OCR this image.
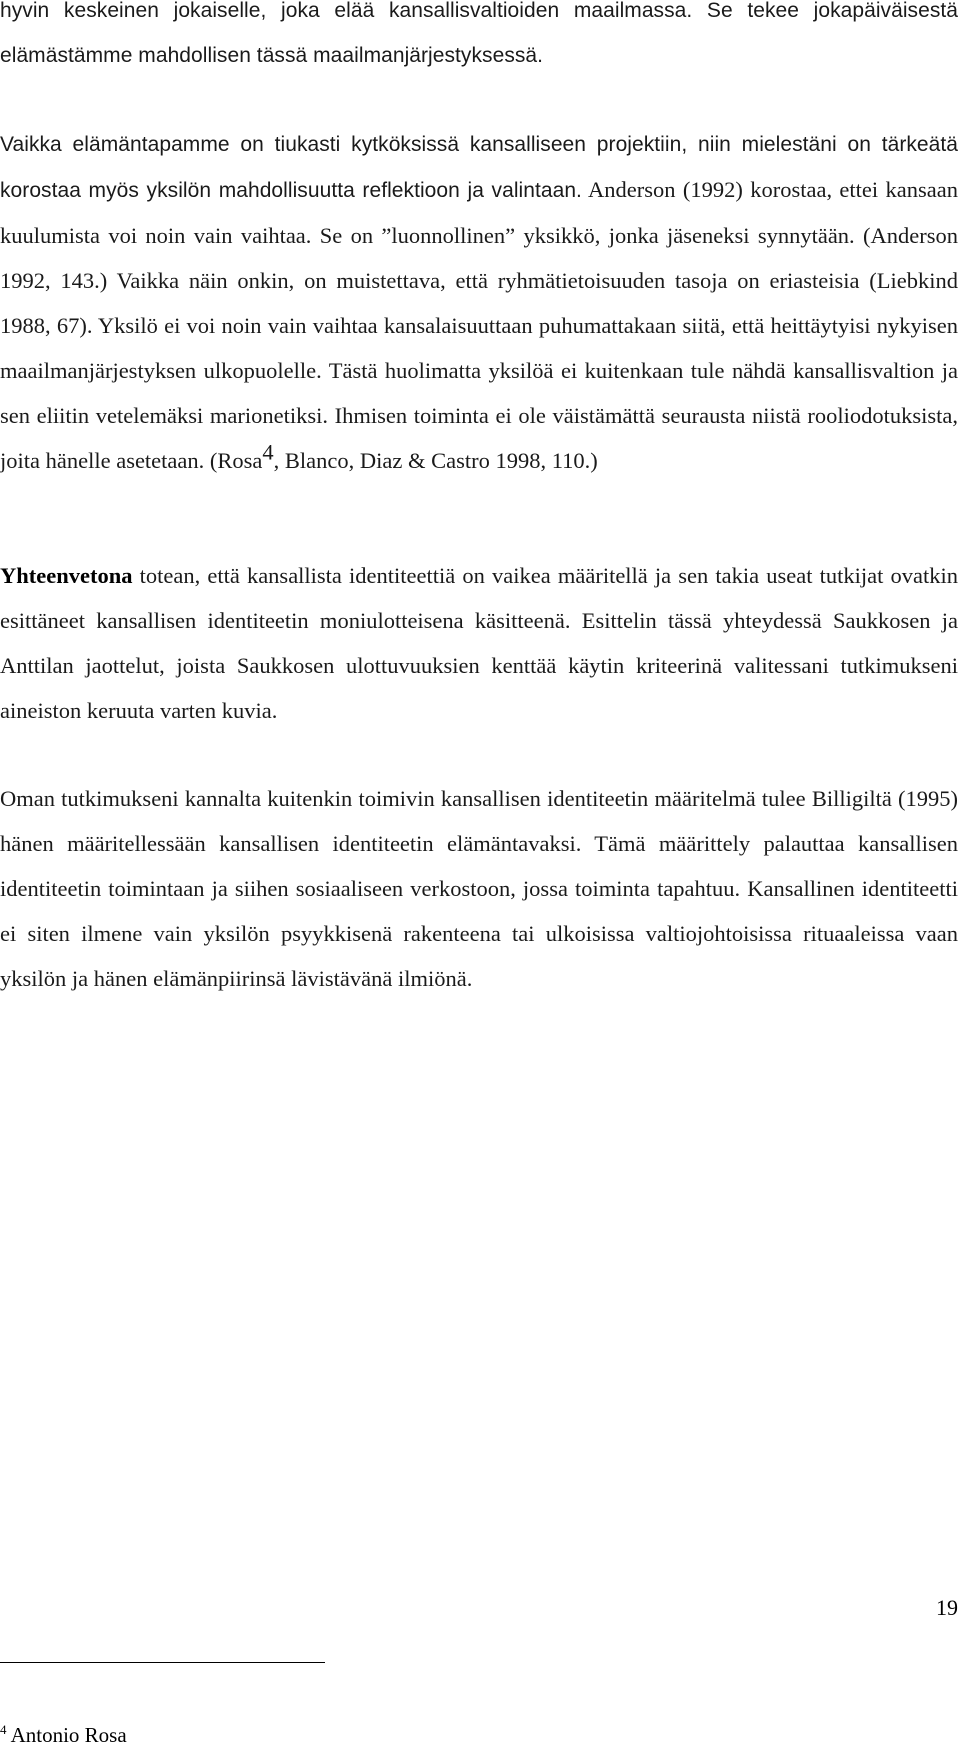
hyvin keskeinen jokaiselle, joka elää kansallisvaltioiden maailmassa. Se tekee jokapäiväisestä elämästämme mahdollisen tässä maailmanjärjestyksessä.

Vaikka elämäntapamme on tiukasti kytköksissä kansalliseen projektiin, niin mielestäni on tärkeätä korostaa myös yksilön mahdollisuutta reflektioon ja valintaan. Anderson (1992) korostaa, ettei kansaan kuulumista voi noin vain vaihtaa. Se on ”luonnollinen” yksikkö, jonka jäseneksi synnytään. (Anderson 1992, 143.) Vaikka näin onkin, on muistettava, että ryhmätietoisuuden tasoja on eriasteisia (Liebkind 1988, 67). Yksilö ei voi noin vain vaihtaa kansalaisuuttaan puhumattakaan siitä, että heittäytyisi nykyisen maailmanjärjestyksen ulkopuolelle. Tästä huolimatta yksilöä ei kuitenkaan tule nähdä kansallisvaltion ja sen eliitin vetelemäksi marionetiksi. Ihmisen toiminta ei ole väistämättä seurausta niistä rooliodotuksista, joita hänelle asetetaan. (Rosa$^4$, Blanco, Diaz & Castro 1998, 110.)

Yhteenvetona totean, että kansallista identiteettiä on vaikea määritellä ja sen takia useat tutkijat ovatkin esittäneet kansallisen identiteetin moniulotteisena käsitteenä. Esittelin tässä yhteydessä Saukkosen ja Anttilan jaottelut, joista Saukkosen ulottuvuuksien kenttää käytin kriteerinä valitessani tutkimukseni aineiston keruuta varten kuvia.

Oman tutkimukseni kannalta kuitenkin toimivin kansallisen identiteetin määritelmä tulee Billigiltä (1995) hänen määritellessään kansallisen identiteetin elämäntavaksi. Tämä määrittely palauttaa kansallisen identiteetin toimintaan ja siihen sosiaaliseen verkostoon, jossa toiminta tapahtuu. Kansallinen identiteetti ei siten ilmene vain yksilön psyykkisenä rakenteena tai ulkoisissa valtiojohtoisissa rituaaleissa vaan yksilön ja hänen elämänpiirinsä lävistävänä ilmiönä.

$^4$ Antonio Rosa
19
